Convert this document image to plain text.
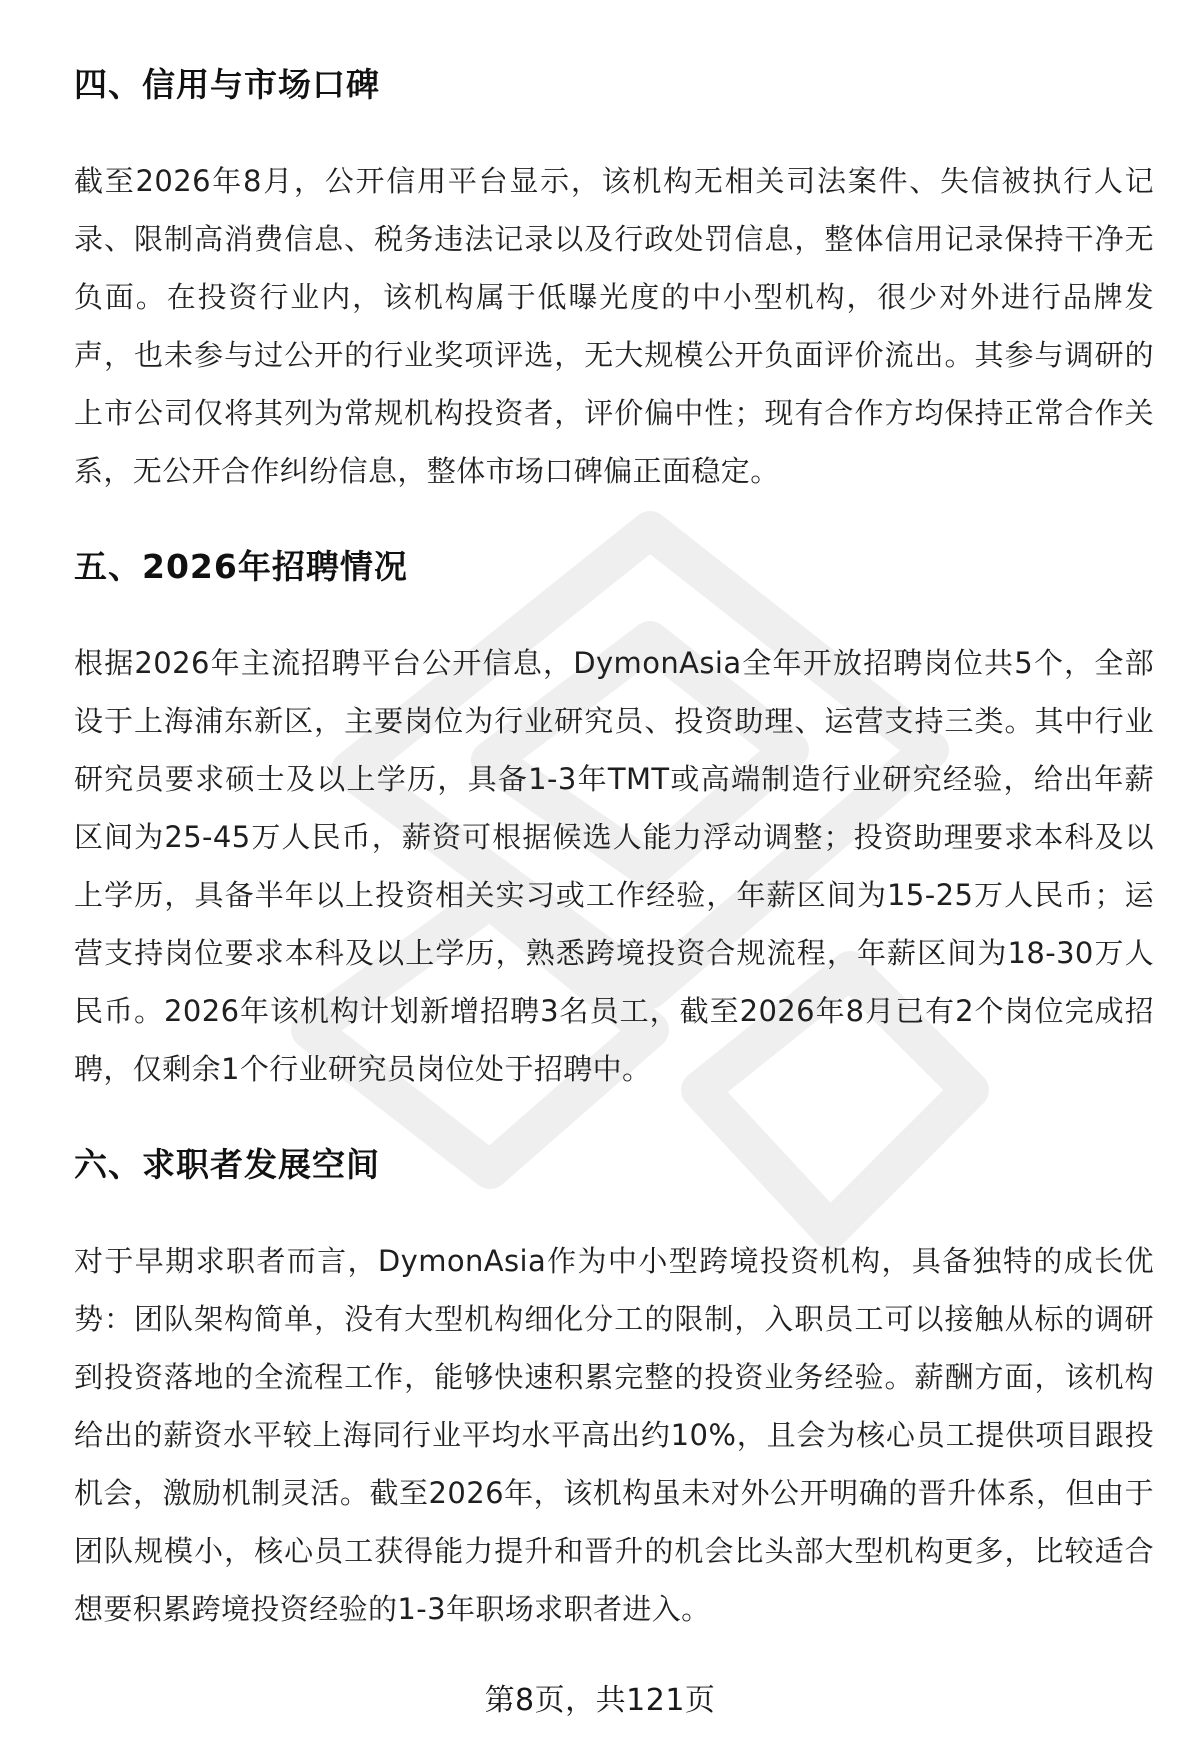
四、信用与市场口碑

截至2026年8月，公开信用平台显示，该机构无相关司法案件、失信被执行人记录、限制高消费信息、税务违法记录以及行政处罚信息，整体信用记录保持干净无负面。在投资行业内，该机构属于低曝光度的中小型机构，很少对外进行品牌发声，也未参与过公开的行业奖项评选，无大规模公开负面评价流出。其参与调研的上市公司仅将其列为常规机构投资者，评价偏中性；现有合作方均保持正常合作关系，无公开合作纠纷信息，整体市场口碑偏正面稳定。

五、2026年招聘情况

根据2026年主流招聘平台公开信息，DymonAsia全年开放招聘岗位共5个，全部设于上海浦东新区，主要岗位为行业研究员、投资助理、运营支持三类。其中行业研究员要求硕士及以上学历，具备1-3年TMT或高端制造行业研究经验，给出年薪区间为25-45万人民币，薪资可根据候选人能力浮动调整；投资助理要求本科及以上学历，具备半年以上投资相关实习或工作经验，年薪区间为15-25万人民币；运营支持岗位要求本科及以上学历，熟悉跨境投资合规流程，年薪区间为18-30万人民币。2026年该机构计划新增招聘3名员工，截至2026年8月已有2个岗位完成招聘，仅剩余1个行业研究员岗位处于招聘中。

六、求职者发展空间

对于早期求职者而言，DymonAsia作为中小型跨境投资机构，具备独特的成长优势：团队架构简单，没有大型机构细化分工的限制，入职员工可以接触从标的调研到投资落地的全流程工作，能够快速积累完整的投资业务经验。薪酬方面，该机构给出的薪资水平较上海同行业平均水平高出约10%，且会为核心员工提供项目跟投机会，激励机制灵活。截至2026年，该机构虽未对外公开明确的晋升体系，但由于团队规模小，核心员工获得能力提升和晋升的机会比头部大型机构更多，比较适合想要积累跨境投资经验的1-3年职场求职者进入。

第8页，共121页
